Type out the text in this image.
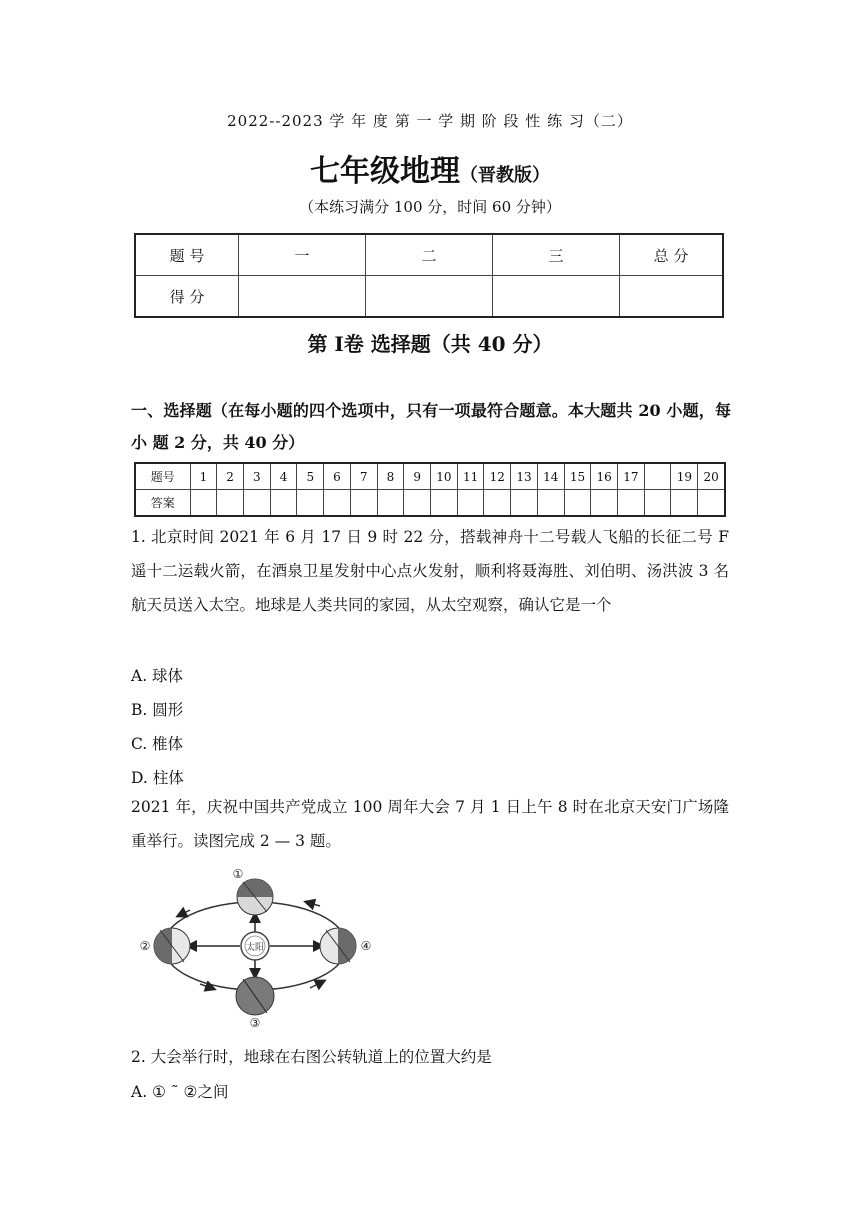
2022--2023 学 年 度 第 一 学 期 阶 段 性 练 习（二）
七年级地理（晋教版）
（本练习满分 100 分，时间 60 分钟）
题 号	一	二	三	总 分
得 分				
第 I卷 选择题（共 40 分）
一、选择题（在每小题的四个选项中，只有一项最符合题意。本大题共 20 小题，每小 题 2 分，共 40 分）
题号	1	2	3	4	5	6	7	8	9	10	11	12	13	14	15	16	17		19	20
答案																				
1. 北京时间 2021 年 6 月 17 日 9 时 22 分，搭载神舟十二号载人飞船的长征二号 F 遥十二运载火箭，在酒泉卫星发射中心点火发射，顺利将聂海胜、刘伯明、汤洪波 3 名航天员送入太空。地球是人类共同的家园，从太空观察，确认它是一个
A. 球体
B. 圆形
C. 椎体
D. 柱体
2021 年，庆祝中国共产党成立 100 周年大会 7 月 1 日上午 8 时在北京天安门广场隆重举行。读图完成 2 — 3 题。
太阳
①
②
③
④
2. 大会举行时，地球在右图公转轨道上的位置大约是
A. ① ˜ ②之间
